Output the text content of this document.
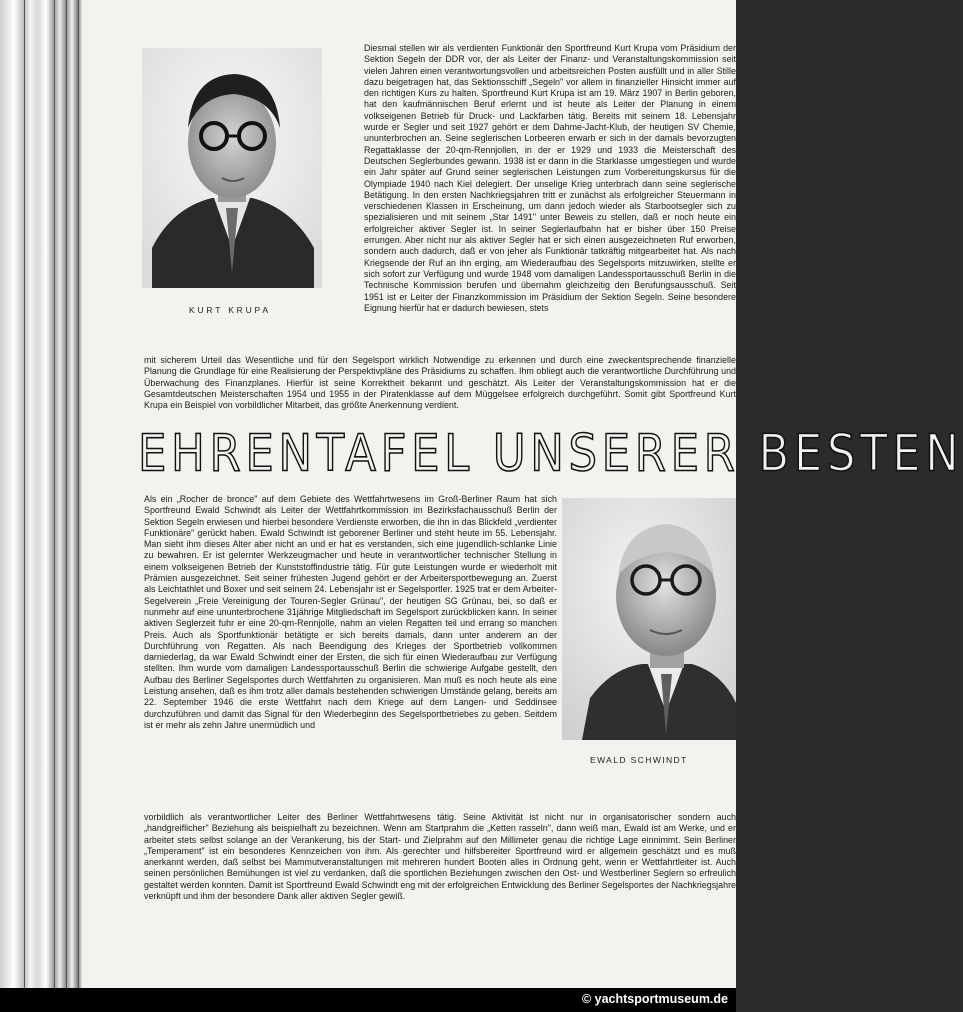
KURT KRUPA
Diesmal stellen wir als verdienten Funktionär den Sportfreund Kurt Krupa vom Präsidium der Sektion Segeln der DDR vor, der als Leiter der Finanz- und Veranstaltungskommission seit vielen Jahren einen verantwortungsvollen und arbeitsreichen Posten ausfüllt und in aller Stille dazu beigetragen hat, das Sektionsschiff „Segeln" vor allem in finanzieller Hinsicht immer auf den richtigen Kurs zu halten. Sportfreund Kurt Krupa ist am 19. März 1907 in Berlin geboren, hat den kaufmännischen Beruf erlernt und ist heute als Leiter der Planung in einem volkseigenen Betrieb für Druck- und Lackfarben tätig. Bereits mit seinem 18. Lebensjahr wurde er Segler und seit 1927 gehört er dem Dahme-Jacht-Klub, der heutigen SV Chemie, ununterbrochen an. Seine seglerischen Lorbeeren erwarb er sich in der damals bevorzugten Regattaklasse der 20-qm-Rennjollen, in der er 1929 und 1933 die Meisterschaft des Deutschen Seglerbundes gewann. 1938 ist er dann in die Starklasse umgestiegen und wurde ein Jahr später auf Grund seiner seglerischen Leistungen zum Vorbereitungskursus für die Olympiade 1940 nach Kiel delegiert. Der unselige Krieg unterbrach dann seine seglerische Betätigung. In den ersten Nachkriegsjahren tritt er zunächst als erfolgreicher Steuermann in verschiedenen Klassen in Erscheinung, um dann jedoch wieder als Starbootsegler sich zu spezialisieren und mit seinem „Star 1491" unter Beweis zu stellen, daß er noch heute ein erfolgreicher aktiver Segler ist. In seiner Seglerlaufbahn hat er bisher über 150 Preise errungen. Aber nicht nur als aktiver Segler hat er sich einen ausgezeichneten Ruf erworben, sondern auch dadurch, daß er von jeher als Funktionär tatkräftig mitgearbeitet hat. Als nach Kriegsende der Ruf an ihn erging, am Wiederaufbau des Segelsports mitzuwirken, stellte er sich sofort zur Verfügung und wurde 1948 vom damaligen Landessportausschuß Berlin in die Technische Kommission berufen und übernahm gleichzeitig den Berufungsausschuß. Seit 1951 ist er Leiter der Finanzkommission im Präsidium der Sektion Segeln. Seine besondere Eignung hierfür hat er dadurch bewiesen, stets
mit sicherem Urteil das Wesentliche und für den Segelsport wirklich Notwendige zu erkennen und durch eine zweckentsprechende finanzielle Planung die Grundlage für eine Realisierung der Perspektivpläne des Präsidiums zu schaffen. Ihm obliegt auch die verantwortliche Durchführung und Überwachung des Finanzplanes. Hierfür ist seine Korrektheit bekannt und geschätzt. Als Leiter der Veranstaltungskommission hat er die Gesamtdeutschen Meisterschaften 1954 und 1955 in der Piratenklasse auf dem Müggelsee erfolgreich durchgeführt. Somit gibt Sportfreund Kurt Krupa ein Beispiel von vorbildlicher Mitarbeit, das größte Anerkennung verdient.
EHRENTAFEL UNSERER BESTEN
Als ein „Rocher de bronce" auf dem Gebiete des Wettfahrtwesens im Groß-Berliner Raum hat sich Sportfreund Ewald Schwindt als Leiter der Wettfahrtkommission im Bezirksfachausschuß Berlin der Sektion Segeln erwiesen und hierbei besondere Verdienste erworben, die ihn in das Blickfeld „verdienter Funktionäre" gerückt haben. Ewald Schwindt ist geborener Berliner und steht heute im 55. Lebensjahr. Man sieht ihm dieses Alter aber nicht an und er hat es verstanden, sich eine jugendlich-schlanke Linie zu bewahren. Er ist gelernter Werkzeugmacher und heute in verantwortlicher technischer Stellung in einem volkseigenen Betrieb der Kunststoffindustrie tätig. Für gute Leistungen wurde er wiederholt mit Prämien ausgezeichnet. Seit seiner frühesten Jugend gehört er der Arbeitersportbewegung an. Zuerst als Leichtathlet und Boxer und seit seinem 24. Lebensjahr ist er Segelsportler. 1925 trat er dem Arbeiter-Segelverein „Freie Vereinigung der Touren-Segler Grünau", der heutigen SG Grünau, bei, so daß er nunmehr auf eine ununterbrochene 31jährige Mitgliedschaft im Segelsport zurückblicken kann. In seiner aktiven Seglerzeit fuhr er eine 20-qm-Rennjolle, nahm an vielen Regatten teil und errang so manchen Preis. Auch als Sportfunktionär betätigte er sich bereits damals, dann unter anderem an der Durchführung von Regatten. Als nach Beendigung des Krieges der Sportbetrieb vollkommen darniederlag, da war Ewald Schwindt einer der Ersten, die sich für einen Wiederaufbau zur Verfügung stellten. Ihm wurde vom damaligen Landessportausschuß Berlin die schwierige Aufgabe gestellt, den Aufbau des Berliner Segelsportes durch Wettfahrten zu organisieren. Man muß es noch heute als eine Leistung ansehen, daß es ihm trotz aller damals bestehenden schwierigen Umstände gelang, bereits am 22. September 1946 die erste Wettfahrt nach dem Kriege auf dem Langen- und Seddinsee durchzuführen und damit das Signal für den Wiederbeginn des Segelsportbetriebes zu geben. Seitdem ist er mehr als zehn Jahre unermüdlich und
EWALD SCHWINDT
vorbildlich als verantwortlicher Leiter des Berliner Wettfahrtwesens tätig. Seine Aktivität ist nicht nur in organisatorischer sondern auch „handgreiflicher" Beziehung als beispielhaft zu bezeichnen. Wenn am Startprahm die „Ketten rasseln", dann weiß man, Ewald ist am Werke, und er arbeitet stets selbst solange an der Verankerung, bis der Start- und Zielprahm auf den Millimeter genau die richtige Lage einnimmt. Sein Berliner „Temperament" ist ein besonderes Kennzeichen von ihm. Als gerechter und hilfsbereiter Sportfreund wird er allgemein geschätzt und es muß anerkannt werden, daß selbst bei Mammutveranstaltungen mit mehreren hundert Booten alles in Ordnung geht, wenn er Wettfahrtleiter ist. Auch seinen persönlichen Bemühungen ist viel zu verdanken, daß die sportlichen Beziehungen zwischen den Ost- und Westberliner Seglern so erfreulich gestaltet werden konnten. Damit ist Sportfreund Ewald Schwindt eng mit der erfolgreichen Entwicklung des Berliner Segelsportes der Nachkriegsjahre verknüpft und ihm der besondere Dank aller aktiven Segler gewiß.
© yachtsportmuseum.de
